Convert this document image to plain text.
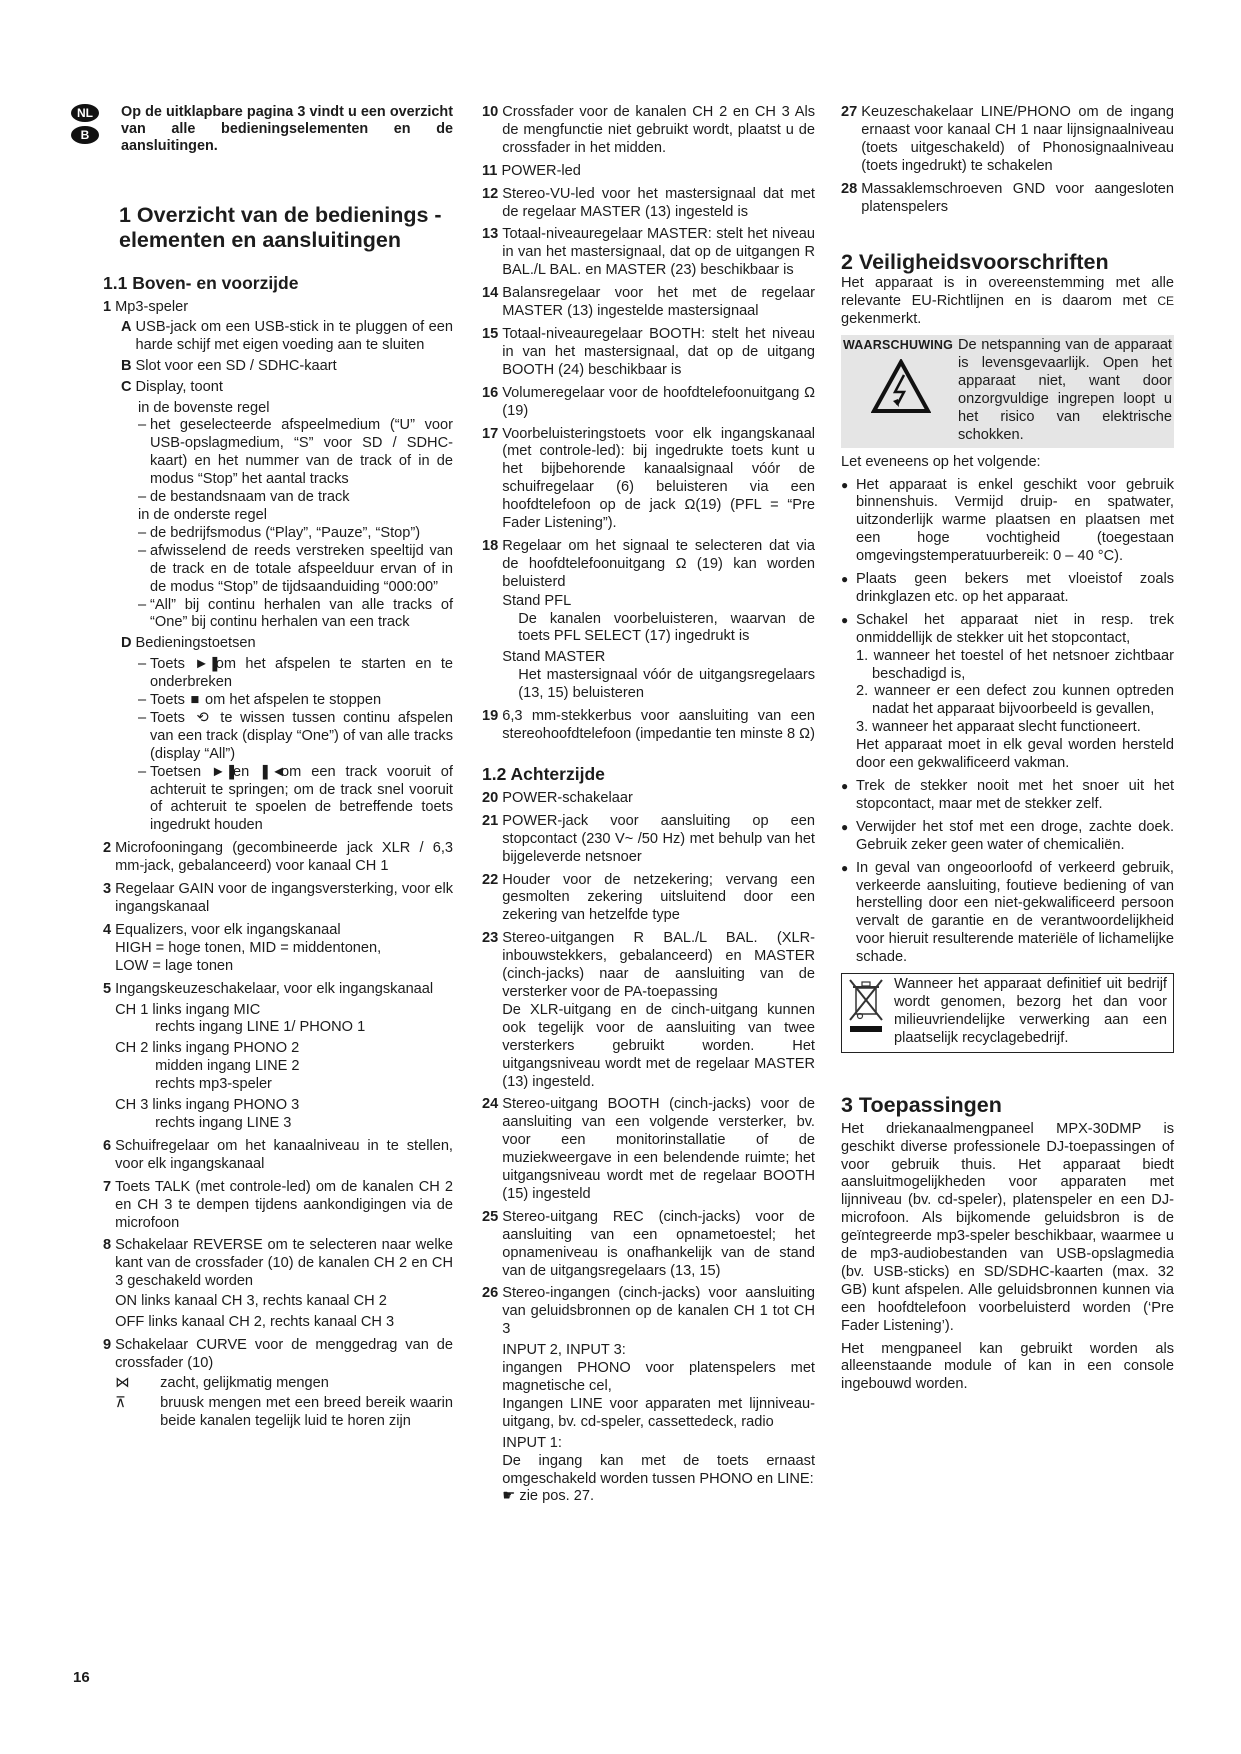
NL
B

Op de uitklapbare pagina 3 vindt u een overzicht van alle bedieningselementen en de aansluitingen.

1 Overzicht van de bedienings - elementen en aansluitingen
1.1 Boven- en voorzijde
1 Mp3-speler
A USB-jack om een USB-stick in te pluggen of een harde schijf met eigen voeding aan te sluiten
B Slot voor een SD / SDHC-kaart
C Display, toont

in de bovenste regel

– het geselecteerde afspeelmedium (“U” voor USB-opslagmedium, “S” voor SD / SDHC-kaart) en het nummer van de track of in de modus “Stop” het aantal tracks
– de bestandsnaam van de track

in de onderste regel

– de bedrijfsmodus (“Play”, “Pauze”, “Stop”)
– afwisselend de reeds verstreken speeltijd van de track en de totale afspeelduur ervan of in de modus “Stop” de tijdsaanduiding “000:00”
– “All” bij continu herhalen van alle tracks of “One” bij continu herhalen van een track
D Bedieningstoetsen
– Toets ►❚ om het afspelen te starten en te onderbreken
– Toets ■ om het afspelen te stoppen
– Toets ⟲ te wissen tussen continu afspelen van een track (display “One”) of van alle tracks (display “All”)
– Toetsen ►❚ en ❚◄ om een track vooruit of achteruit te springen; om de track snel vooruit of achteruit te spoelen de betreffende toets ingedrukt houden
2 Microfooningang (gecombineerde jack XLR / 6,3 mm-jack, gebalanceerd) voor kanaal CH 1
3 Regelaar GAIN voor de ingangsversterking, voor elk ingangskanaal
4 Equalizers, voor elk ingangskanaal
HIGH = hoge tonen, MID = middentonen,
LOW = lage tonen
5 Ingangskeuzeschakelaar, voor elk ingangskanaal
CH 1 links ingang MIC
rechts ingang LINE 1/ PHONO 1
CH 2 links ingang PHONO 2
midden ingang LINE 2
rechts mp3-speler
CH 3 links ingang PHONO 3
rechts ingang LINE 3
6 Schuifregelaar om het kanaalniveau in te stellen, voor elk ingangskanaal
7 Toets TALK (met controle-led) om de kanalen CH 2 en CH 3 te dempen tijdens aankondigingen via de microfoon
8 Schakelaar REVERSE om te selecteren naar welke kant van de crossfader (10) de kanalen CH 2 en CH 3 geschakeld worden
ON links kanaal CH 3, rechts kanaal CH 2
OFF links kanaal CH 2, rechts kanaal CH 3
9 Schakelaar CURVE voor de menggedrag van de crossfader (10)
⋈	zacht, gelijkmatig mengen
⊼	bruusk mengen met een breed bereik waarin beide kanalen tegelijk luid te horen zijn
10 Crossfader voor de kanalen CH 2 en CH 3 Als de mengfunctie niet gebruikt wordt, plaatst u de crossfader in het midden.
11 POWER-led
12 Stereo-VU-led voor het mastersignaal dat met de regelaar MASTER (13) ingesteld is
13 Totaal-niveauregelaar MASTER: stelt het niveau in van het mastersignaal, dat op de uitgangen R BAL./L BAL. en MASTER (23) beschikbaar is
14 Balansregelaar voor het met de regelaar MASTER (13) ingestelde mastersignaal
15 Totaal-niveauregelaar BOOTH: stelt het niveau in van het mastersignaal, dat op de uitgang BOOTH (24) beschikbaar is
16 Volumeregelaar voor de hoofdtelefoonuitgang Ω (19)
17 Voorbeluisteringstoets voor elk ingangskanaal (met controle-led): bij ingedrukte toets kunt u het bijbehorende kanaalsignaal vóór de schuifregelaar (6) beluisteren via een hoofdtelefoon op de jack Ω(19) (PFL = “Pre Fader Listening”).
18 Regelaar om het signaal te selecteren dat via de hoofdtelefoonuitgang Ω (19) kan worden beluisterd
Stand PFL
De kanalen voorbeluisteren, waarvan de toets PFL SELECT (17) ingedrukt is
Stand MASTER
Het mastersignaal vóór de uitgangsregelaars (13, 15) beluisteren
19 6,3 mm-stekkerbus voor aansluiting van een stereohoofdtelefoon (impedantie ten minste 8 Ω)
1.2 Achterzijde
20 POWER-schakelaar
21 POWER-jack voor aansluiting op een stopcontact (230 V~ /50 Hz) met behulp van het bijgeleverde netsnoer
22 Houder voor de netzekering; vervang een gesmolten zekering uitsluitend door een zekering van hetzelfde type
23 Stereo-uitgangen R BAL./L BAL. (XLR-inbouwstekkers, gebalanceerd) en MASTER (cinch-jacks) naar de aansluiting van de versterker voor de PA-toepassing
De XLR-uitgang en de cinch-uitgang kunnen ook tegelijk voor de aansluiting van twee versterkers gebruikt worden. Het uitgangsniveau wordt met de regelaar MASTER (13) ingesteld.
24 Stereo-uitgang BOOTH (cinch-jacks) voor de aansluiting van een volgende versterker, bv. voor een monitorinstallatie of de muziekweergave in een belendende ruimte; het uitgangsniveau wordt met de regelaar BOOTH (15) ingesteld
25 Stereo-uitgang REC (cinch-jacks) voor de aansluiting van een opnametoestel; het opnameniveau is onafhankelijk van de stand van de uitgangsregelaars (13, 15)
26 Stereo-ingangen (cinch-jacks) voor aansluiting van geluidsbronnen op de kanalen CH 1 tot CH 3
INPUT 2, INPUT 3:
ingangen PHONO voor platenspelers met magnetische cel,
Ingangen LINE voor apparaten met lijnniveau-uitgang, bv. cd-speler, cassettedeck, radio
INPUT 1:
De ingang kan met de toets ernaast omgeschakeld worden tussen PHONO en LINE:
☛ zie pos. 27.
27 Keuzeschakelaar LINE/PHONO om de ingang ernaast voor kanaal CH 1 naar lijnsignaalniveau (toets uitgeschakeld) of Phonosignaalniveau (toets ingedrukt) te schakelen
28 Massaklemschroeven GND voor aangesloten platenspelers
2 Veiligheidsvoorschriften

Het apparaat is in overeenstemming met alle relevante EU-Richtlijnen en is daarom met CE gekenmerkt.

WAARSCHUWING De netspanning van de apparaat is levensgevaarlijk. Open het apparaat niet, want door onzorgvuldige ingrepen loopt u het risico van elektrische schokken.

Let eveneens op het volgende:

● Het apparaat is enkel geschikt voor gebruik binnenshuis. Vermijd druip- en spatwater, uitzonderlijk warme plaatsen en plaatsen met een hoge vochtigheid (toegestaan omgevingstemperatuurbereik: 0 – 40 °C).
● Plaats geen bekers met vloeistof zoals drinkglazen etc. op het apparaat.
● Schakel het apparaat niet in resp. trek onmiddellijk de stekker uit het stopcontact,
1. wanneer het toestel of het netsnoer zichtbaar beschadigd is,
2. wanneer er een defect zou kunnen optreden nadat het apparaat bijvoorbeeld is gevallen,
3. wanneer het apparaat slecht functioneert.
Het apparaat moet in elk geval worden hersteld door een gekwalificeerd vakman.
● Trek de stekker nooit met het snoer uit het stopcontact, maar met de stekker zelf.
● Verwijder het stof met een droge, zachte doek. Gebruik zeker geen water of chemicaliën.
● In geval van ongeoorloofd of verkeerd gebruik, verkeerde aansluiting, foutieve bediening of van herstelling door een niet-gekwalificeerd persoon vervalt de garantie en de verantwoordelijkheid voor hieruit resulterende materiële of lichamelijke schade.
Wanneer het apparaat definitief uit bedrijf wordt genomen, bezorg het dan voor milieuvriendelijke verwerking aan een plaatselijk recyclagebedrijf.
3 Toepassingen

Het driekanaalmengpaneel MPX-30DMP is geschikt diverse professionele DJ-toepassingen of voor gebruik thuis. Het apparaat biedt aansluitmogelijkheden voor apparaten met lijnniveau (bv. cd-speler), platenspeler en een DJ-microfoon. Als bijkomende geluidsbron is de geïntegreerde mp3-speler beschikbaar, waarmee u de mp3-audiobestanden van USB-opslagmedia (bv. USB-sticks) en SD/SDHC-kaarten (max. 32 GB) kunt afspelen. Alle geluidsbronnen kunnen via een hoofdtelefoon voorbeluisterd worden (‘Pre Fader Listening’).

Het mengpaneel kan gebruikt worden als alleenstaande module of kan in een console ingebouwd worden.

16
